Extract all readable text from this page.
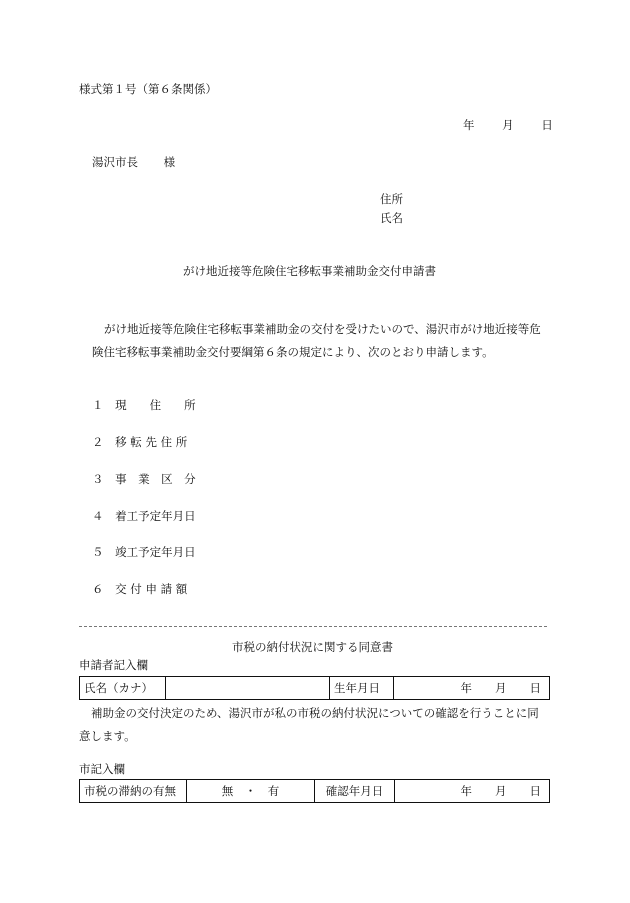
様式第１号（第６条関係）
年 月 日
湯沢市長 様
住所
氏名
がけ地近接等危険住宅移転事業補助金交付申請書
がけ地近接等危険住宅移転事業補助金の交付を受けたいので、湯沢市がけ地近接等危
険住宅移転事業補助金交付要綱第６条の規定により、次のとおり申請します。
１ 現　　住　　所
２ 移 転 先 住 所
３ 事　業　区　分
４ 着工予定年月日
５ 竣工予定年月日
６ 交 付 申 請 額
市税の納付状況に関する同意書
申請者記入欄
氏名（カナ）		生年月日	年　　月　　日
補助金の交付決定のため、湯沢市が私の市税の納付状況についての確認を行うことに同
意します。
市記入欄
市税の滞納の有無	無　・　有	確認年月日	年　　月　　日
